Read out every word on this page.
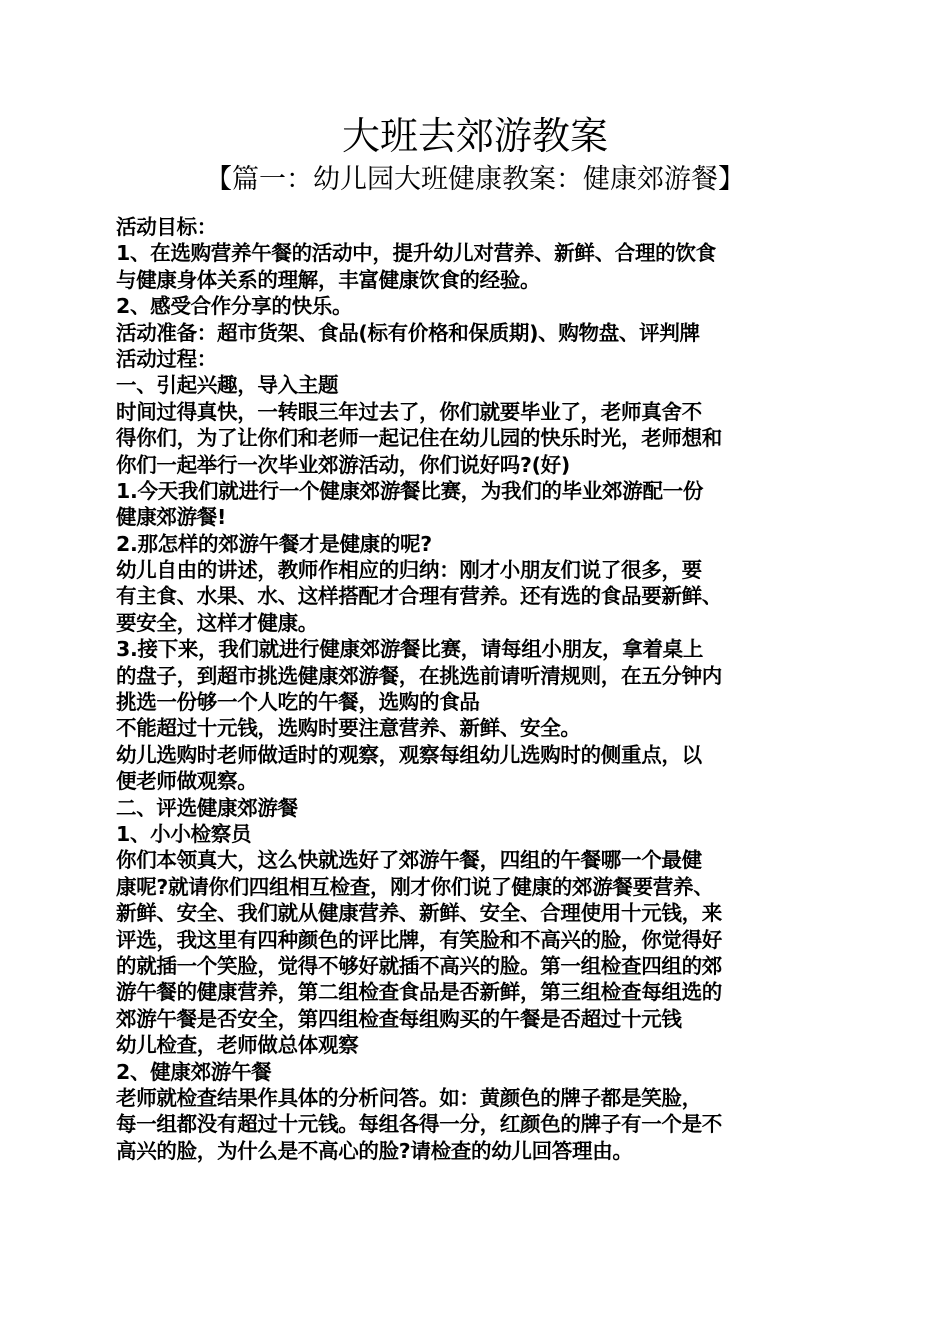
大班去郊游教案
【篇一：幼儿园大班健康教案：健康郊游餐】
活动目标：
1、在选购营养午餐的活动中，提升幼儿对营养、新鲜、合理的饮食
与健康身体关系的理解，丰富健康饮食的经验。
2、感受合作分享的快乐。
活动准备：超市货架、食品(标有价格和保质期)、购物盘、评判牌
活动过程：
一、引起兴趣，导入主题
时间过得真快，一转眼三年过去了，你们就要毕业了，老师真舍不
得你们，为了让你们和老师一起记住在幼儿园的快乐时光，老师想和
你们一起举行一次毕业郊游活动，你们说好吗?(好)
1.今天我们就进行一个健康郊游餐比赛，为我们的毕业郊游配一份
健康郊游餐!
2.那怎样的郊游午餐才是健康的呢?
幼儿自由的讲述，教师作相应的归纳：刚才小朋友们说了很多，要
有主食、水果、水、这样搭配才合理有营养。还有选的食品要新鲜、
要安全，这样才健康。
3.接下来，我们就进行健康郊游餐比赛，请每组小朋友，拿着桌上
的盘子，到超市挑选健康郊游餐，在挑选前请听清规则，在五分钟内
挑选一份够一个人吃的午餐，选购的食品
不能超过十元钱，选购时要注意营养、新鲜、安全。
幼儿选购时老师做适时的观察，观察每组幼儿选购时的侧重点，以
便老师做观察。
二、评选健康郊游餐
1、小小检察员
你们本领真大，这么快就选好了郊游午餐，四组的午餐哪一个最健
康呢?就请你们四组相互检查，刚才你们说了健康的郊游餐要营养、
新鲜、安全、我们就从健康营养、新鲜、安全、合理使用十元钱，来
评选，我这里有四种颜色的评比牌，有笑脸和不高兴的脸，你觉得好
的就插一个笑脸，觉得不够好就插不高兴的脸。第一组检查四组的郊
游午餐的健康营养，第二组检查食品是否新鲜，第三组检查每组选的
郊游午餐是否安全，第四组检查每组购买的午餐是否超过十元钱
幼儿检查，老师做总体观察
2、健康郊游午餐
老师就检查结果作具体的分析问答。如：黄颜色的牌子都是笑脸，
每一组都没有超过十元钱。每组各得一分，红颜色的牌子有一个是不
高兴的脸，为什么是不高心的脸?请检查的幼儿回答理由。
